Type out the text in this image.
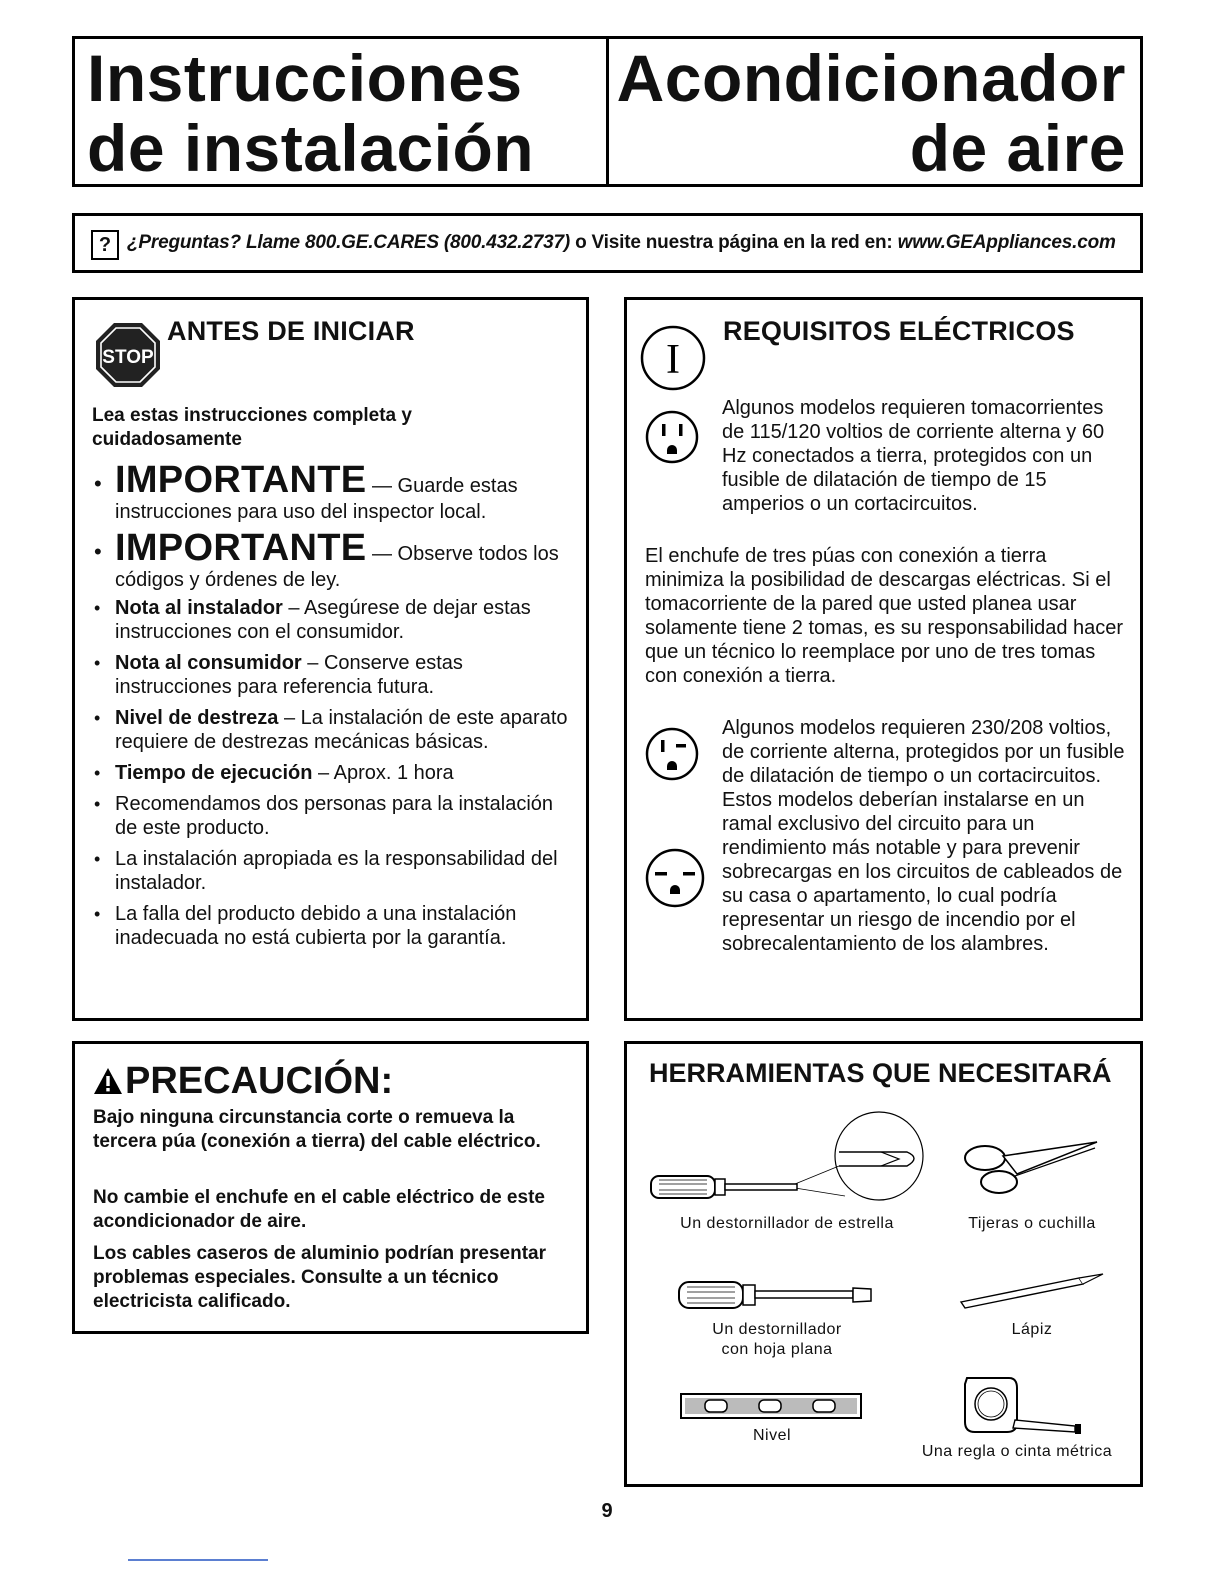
Instrucciones
de instalación
Acondicionador
de aire
? ¿Preguntas? Llame 800.GE.CARES (800.432.2737) o Visite nuestra página en la red en: www.GEAppliances.com
STOP
ANTES DE INICIAR
Lea estas instrucciones completa y cuidadosamente
• IMPORTANTE — Guarde estas instrucciones para uso del inspector local.
• IMPORTANTE — Observe todos los códigos y órdenes de ley.
• Nota al instalador – Asegúrese de dejar estas instrucciones con el consumidor.
• Nota al consumidor – Conserve estas instrucciones para referencia futura.
• Nivel de destreza – La instalación de este aparato requiere de destrezas mecánicas básicas.
• Tiempo de ejecución – Aprox. 1 hora
• Recomendamos dos personas para la instalación de este producto.
• La instalación apropiada es la responsabilidad del instalador.
• La falla del producto debido a una instalación inadecuada no está cubierta por la garantía.
I
REQUISITOS ELÉCTRICOS
Algunos modelos requieren tomacorrientes de 115/120 voltios de corriente alterna y 60 Hz conectados a tierra, protegidos con un fusible de dilatación de tiempo de 15 amperios o un cortacircuitos.
El enchufe de tres púas con conexión a tierra minimiza la posibilidad de descargas eléctricas. Si el tomacorriente de la pared que usted planea usar solamente tiene 2 tomas, es su responsabilidad hacer que un técnico lo reemplace por uno de tres tomas con conexión a tierra.
Algunos modelos requieren 230/208 voltios, de corriente alterna, protegidos por un fusible de dilatación de tiempo o un cortacircuitos. Estos modelos deberían instalarse en un ramal exclusivo del circuito para un rendimiento más notable y para prevenir sobrecargas en los circuitos de cableados de su casa o apartamento, lo cual podría representar un riesgo de incendio por el sobrecalentamiento de los alambres.
PRECAUCIÓN:
Bajo ninguna circunstancia corte o remueva la tercera púa (conexión a tierra) del cable eléctrico.
No cambie el enchufe en el cable eléctrico de este acondicionador de aire.
Los cables caseros de aluminio podrían presentar problemas especiales. Consulte a un técnico electricista calificado.
HERRAMIENTAS QUE NECESITARÁ
Un destornillador de estrella	Tijeras o cuchilla
Un destornillador
con hoja plana
Lápiz
Nivel
Una regla o cinta métrica
9
